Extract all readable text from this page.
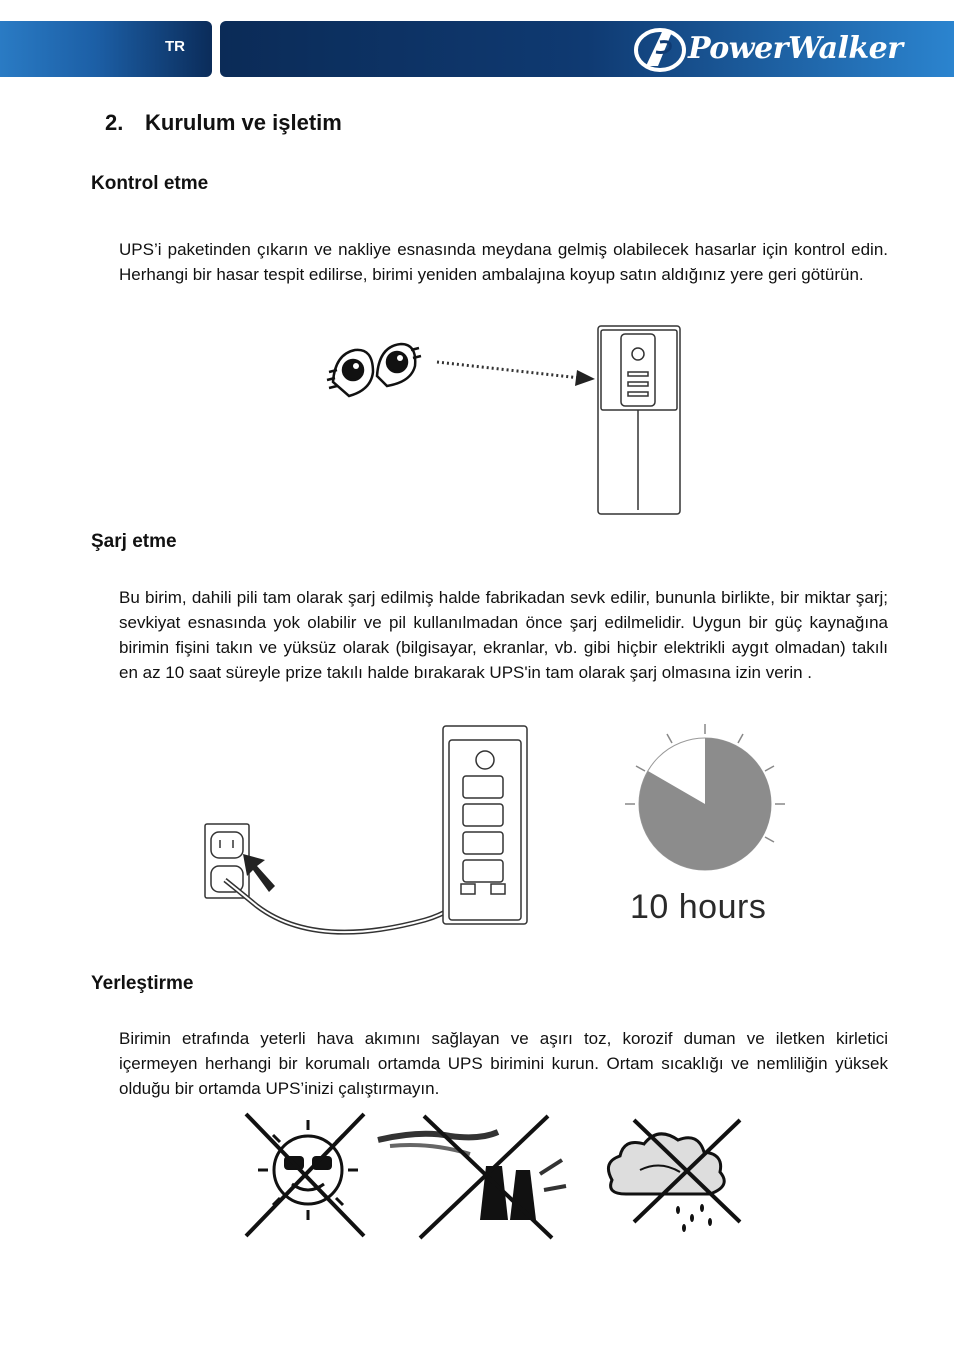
TR	PowerWalker
2. Kurulum ve işletim
Kontrol etme

UPS’i paketinden çıkarın ve nakliye esnasında meydana gelmiş olabilecek hasarlar için kontrol edin. Herhangi bir hasar tespit edilirse, birimi yeniden ambalajına koyup satın aldığınız yere geri götürün.

Şarj etme

Bu birim, dahili pili tam olarak şarj edilmiş halde fabrikadan sevk edilir, bununla birlikte, bir miktar şarj; sevkiyat esnasında yok olabilir ve pil kullanılmadan önce şarj edilmelidir. Uygun bir güç kaynağına birimin fişini takın ve yüksüz olarak (bilgisayar, ekranlar, vb. gibi hiçbir elektrikli aygıt olmadan) takılı en az 10 saat süreyle prize takılı halde bırakarak UPS'in tam olarak şarj olmasına izin verin .

10 hours
Yerleştirme

Birimin etrafında yeterli hava akımını sağlayan ve aşırı toz, korozif duman ve iletken kirletici içermeyen herhangi bir korumalı ortamda UPS birimini kurun. Ortam sıcaklığı ve nemliliğin yüksek olduğu bir ortamda UPS’inizi çalıştırmayın.
